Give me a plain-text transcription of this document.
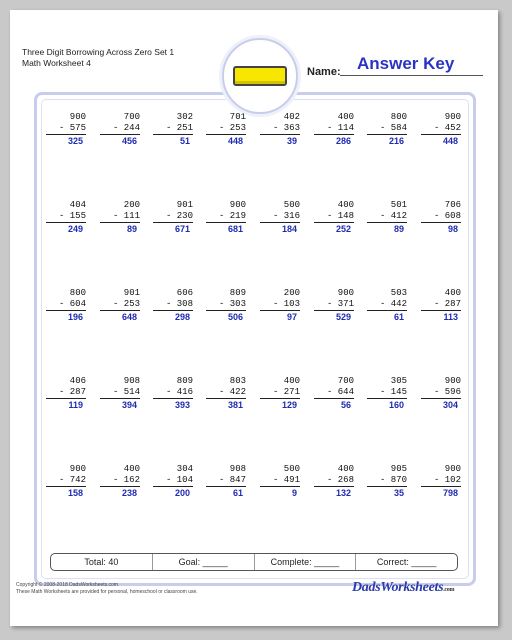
Three Digit Borrowing Across Zero Set 1
Math Worksheet 4
Name: Answer Key
900
- 575
325
700
- 244
456
302
- 251
51
701
- 253
448
402
- 363
39
400
- 114
286
800
- 584
216
900
- 452
448
404
- 155
249
200
- 111
89
901
- 230
671
900
- 219
681
500
- 316
184
400
- 148
252
501
- 412
89
706
- 608
98
800
- 604
196
901
- 253
648
606
- 308
298
809
- 303
506
200
- 103
97
900
- 371
529
503
- 442
61
400
- 287
113
406
- 287
119
908
- 514
394
809
- 416
393
803
- 422
381
400
- 271
129
700
- 644
56
305
- 145
160
900
- 596
304
900
- 742
158
400
- 162
238
304
- 104
200
908
- 847
61
500
- 491
9
400
- 268
132
905
- 870
35
900
- 102
798
Total: 40	Goal: _____	Complete: _____	Correct: _____
Copyright © 2008-2018 DadsWorksheets.com
These Math Worksheets are provided for personal, homeschool or classroom use.	DadsWorksheets.com
